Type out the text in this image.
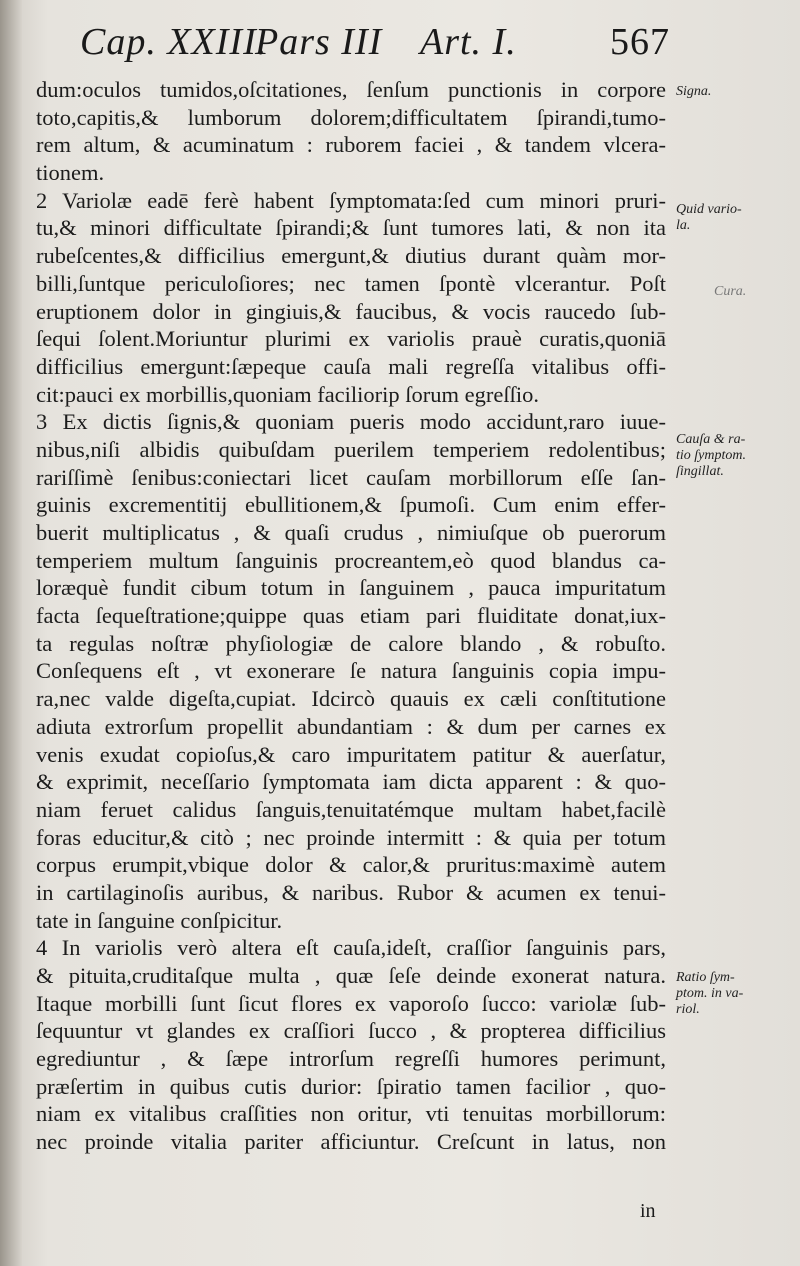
Cap. XXIII.
Pars III Art. I. 567
dum:oculos tumidos,oſcitationes, ſenſum punctionis in corpore
toto,capitis,& lumborum dolorem;difficultatem ſpirandi,tumo-
rem altum, & acuminatum : ruborem faciei , & tandem vlcera-
tionem.
2 Variolæ eadē ferè habent ſymptomata:ſed cum minori pruri-
tu,& minori difficultate ſpirandi;& ſunt tumores lati, & non ita
rubeſcentes,& difficilius emergunt,& diutius durant quàm mor-
billi,ſuntque periculoſiores; nec tamen ſpontè vlcerantur. Poſt
eruptionem dolor in gingiuis,& faucibus, & vocis raucedo ſub-
ſequi ſolent.Moriuntur plurimi ex variolis prauè curatis,quoniā
difficilius emergunt:ſæpeque cauſa mali regreſſa vitalibus offi-
cit:pauci ex morbillis,quoniam faciliorip ſorum egreſſio.
3 Ex dictis ſignis,& quoniam pueris modo accidunt,raro iuue-
nibus,niſi albidis quibuſdam puerilem temperiem redolentibus;
rariſſimè ſenibus:coniectari licet cauſam morbillorum eſſe ſan-
guinis excrementitij ebullitionem,& ſpumoſi. Cum enim effer-
buerit multiplicatus , & quaſi crudus , nimiuſque ob puerorum
temperiem multum ſanguinis procreantem,eò quod blandus ca-
loræquè fundit cibum totum in ſanguinem , pauca impuritatum
facta ſequeſtratione;quippe quas etiam pari fluiditate donat,iux-
ta regulas noſtræ phyſiologiæ de calore blando , & robuſto.
Conſequens eſt , vt exonerare ſe natura ſanguinis copia impu-
ra,nec valde digeſta,cupiat. Idcircò quauis ex cæli conſtitutione
adiuta extrorſum propellit abundantiam : & dum per carnes ex
venis exudat copioſus,& caro impuritatem patitur & auerſatur,
& exprimit, neceſſario ſymptomata iam dicta apparent : & quo-
niam feruet calidus ſanguis,tenuitatémque multam habet,facilè
foras educitur,& citò ; nec proinde intermitt : & quia per totum
corpus erumpit,vbique dolor & calor,& pruritus:maximè autem
in cartilaginoſis auribus, & naribus. Rubor & acumen ex tenui-
tate in ſanguine conſpicitur.
4 In variolis verò altera eſt cauſa,ideſt, craſſior ſanguinis pars,
& pituita,cruditaſque multa , quæ ſeſe deinde exonerat natura.
Itaque morbilli ſunt ſicut flores ex vaporoſo ſucco: variolæ ſub-
ſequuntur vt glandes ex craſſiori ſucco , & propterea difficilius
egrediuntur , & ſæpe introrſum regreſſi humores perimunt,
præſertim in quibus cutis durior: ſpiratio tamen facilior , quo-
niam ex vitalibus craſſities non oritur, vti tenuitas morbillorum:
nec proinde vitalia pariter afficiuntur. Creſcunt in latus, non
Signa.
Quid vario-
la.
Cura.
Cauſa & ra-
tio ſymptom.
ſingillat.
Ratio ſym-
ptom. in va-
riol.
in
